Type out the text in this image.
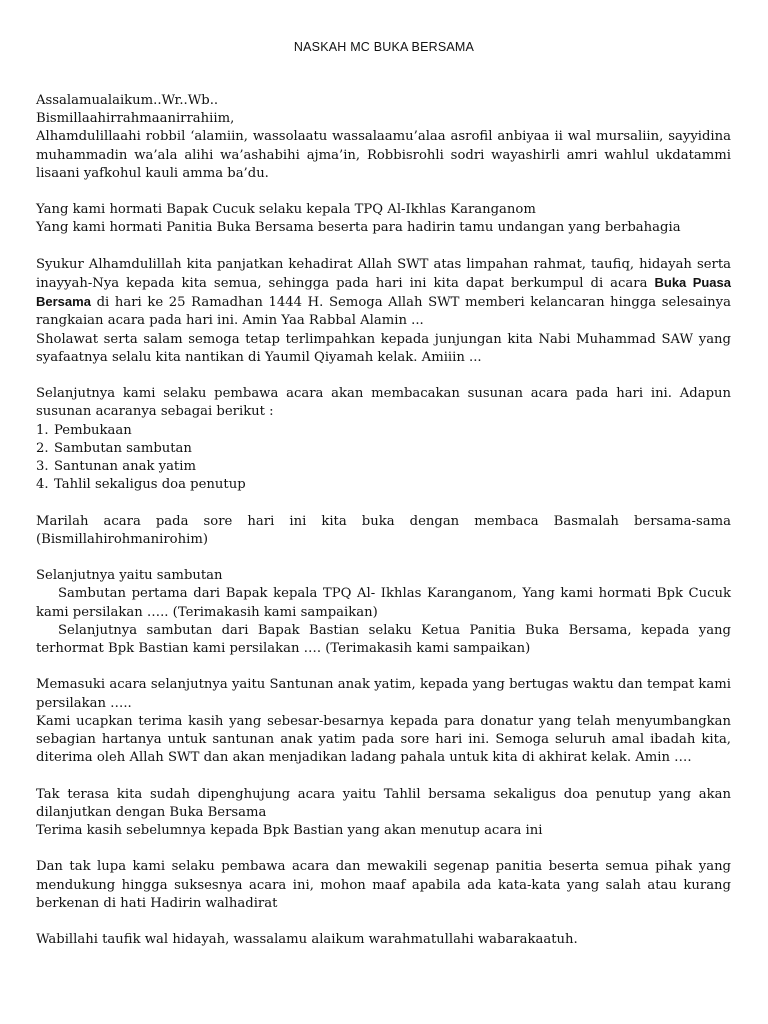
NASKAH MC BUKA BERSAMA

Assalamualaikum..Wr..Wb..

Bismillaahirrahmaanirrahiim,

Alhamdulillaahi robbil ‘alamiin, wassolaatu wassalaamu’alaa asrofil anbiyaa ii wal mursaliin, sayyidina muhammadin wa’ala alihi wa’ashabihi ajma’in, Robbisrohli sodri wayashirli amri wahlul ukdatammi lisaani yafkohul kauli amma ba’du.

Yang kami hormati Bapak Cucuk selaku kepala TPQ Al-Ikhlas Karanganom

Yang kami hormati Panitia Buka Bersama beserta para hadirin tamu undangan yang berbahagia

Syukur Alhamdulillah kita panjatkan kehadirat Allah SWT atas limpahan rahmat, taufiq, hidayah serta inayyah-Nya kepada kita semua, sehingga pada hari ini kita dapat berkumpul di acara Buka Puasa Bersama di hari ke 25 Ramadhan 1444 H. Semoga Allah SWT memberi kelancaran hingga selesainya rangkaian acara pada hari ini. Amin Yaa Rabbal Alamin ...

Sholawat serta salam semoga tetap terlimpahkan kepada junjungan kita Nabi Muhammad SAW yang syafaatnya selalu kita nantikan di Yaumil Qiyamah kelak. Amiiin ...

Selanjutnya kami selaku pembawa acara akan membacakan susunan acara pada hari ini. Adapun susunan acaranya sebagai berikut :

1. Pembukaan
2. Sambutan sambutan
3. Santunan anak yatim
4. Tahlil sekaligus doa penutup

Marilah acara pada sore hari ini kita buka dengan membaca Basmalah bersama-sama (Bismillahirohmanirohim)

Selanjutnya yaitu sambutan

Sambutan pertama dari Bapak kepala TPQ Al- Ikhlas Karanganom, Yang kami hormati Bpk Cucuk kami persilakan ….. (Terimakasih kami sampaikan)

Selanjutnya sambutan dari Bapak Bastian selaku Ketua Panitia Buka Bersama, kepada yang terhormat Bpk Bastian kami persilakan …. (Terimakasih kami sampaikan)

Memasuki acara selanjutnya yaitu Santunan anak yatim, kepada yang bertugas waktu dan tempat kami persilakan …..

Kami ucapkan terima kasih yang sebesar-besarnya kepada para donatur yang telah menyumbangkan sebagian hartanya untuk santunan anak yatim pada sore hari ini. Semoga seluruh amal ibadah kita, diterima oleh Allah SWT dan akan menjadikan ladang pahala untuk kita di akhirat kelak. Amin ….

Tak terasa kita sudah dipenghujung acara yaitu Tahlil bersama sekaligus doa penutup yang akan dilanjutkan dengan Buka Bersama

Terima kasih sebelumnya kepada Bpk Bastian yang akan menutup acara ini

Dan tak lupa kami selaku pembawa acara dan mewakili segenap panitia beserta semua pihak yang mendukung hingga suksesnya acara ini, mohon maaf apabila ada kata-kata yang salah atau kurang berkenan di hati Hadirin walhadirat

Wabillahi taufik wal hidayah, wassalamu alaikum warahmatullahi wabarakaatuh.
